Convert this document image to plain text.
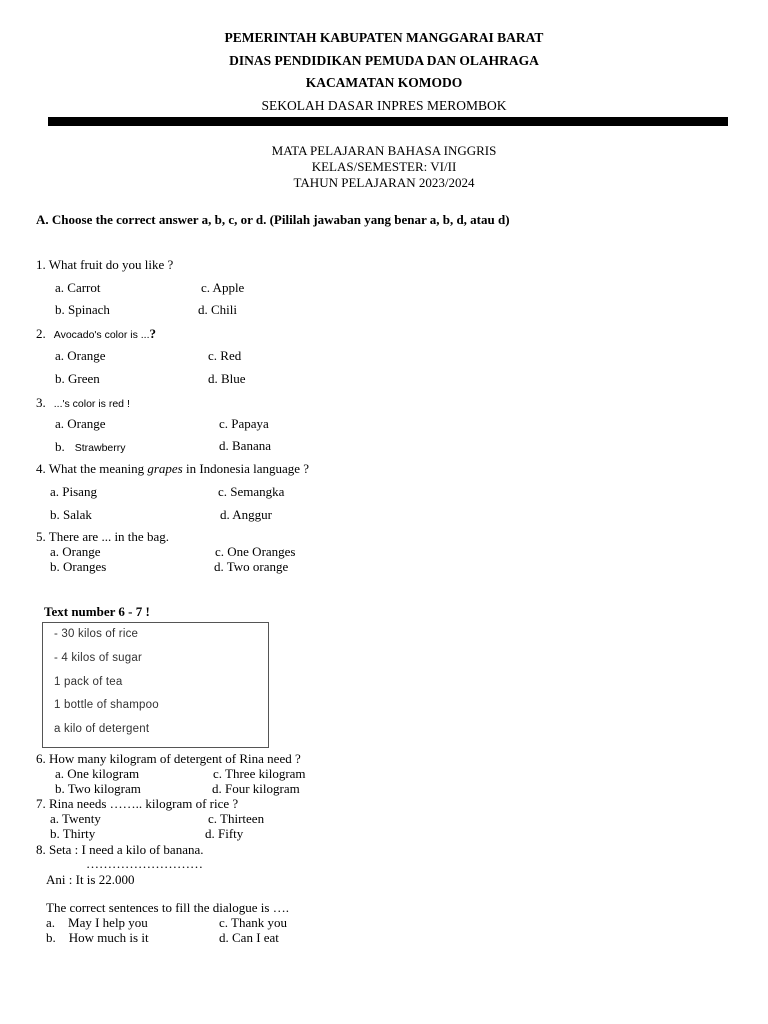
PEMERINTAH KABUPATEN MANGGARAI BARAT
DINAS PENDIDIKAN PEMUDA DAN OLAHRAGA
KACAMATAN KOMODO
SEKOLAH DASAR INPRES MEROMBOK
MATA PELAJARAN BAHASA INGGRIS
KELAS/SEMESTER: VI/II
TAHUN PELAJARAN 2023/2024
A. Choose the correct answer a, b, c, or d. (Pililah jawaban yang benar a, b, d, atau d)
1. What fruit do you like ?
a. Carrot	c. Apple
b. Spinach	d. Chili
2. Avocado's color is ...?
a. Orange	c. Red
b. Green	d. Blue
3. ...'s color is red !
a. Orange	c. Papaya
b. Strawberry	d. Banana
4. What the meaning grapes in Indonesia language ?
a. Pisang	c. Semangka
b. Salak	d. Anggur
5. There are ... in the bag.
a. Orange	c. One Oranges
b. Oranges	d. Two orange
Text number 6 - 7 !
- 30 kilos of rice
- 4 kilos of sugar
1 pack of tea
1 bottle of shampoo
a kilo of detergent
6. How many kilogram of detergent of Rina need ?
a. One kilogram	c. Three kilogram
b. Two kilogram	d. Four kilogram
7. Rina needs …….. kilogram of rice ?
a. Twenty	c. Thirteen
b. Thirty	d. Fifty
8. Seta : I need a kilo of banana.
………………………
Ani : It is 22.000
The correct sentences to fill the dialogue is ….
a.    May I help you	c. Thank you
b.    How much is it	d. Can I eat
